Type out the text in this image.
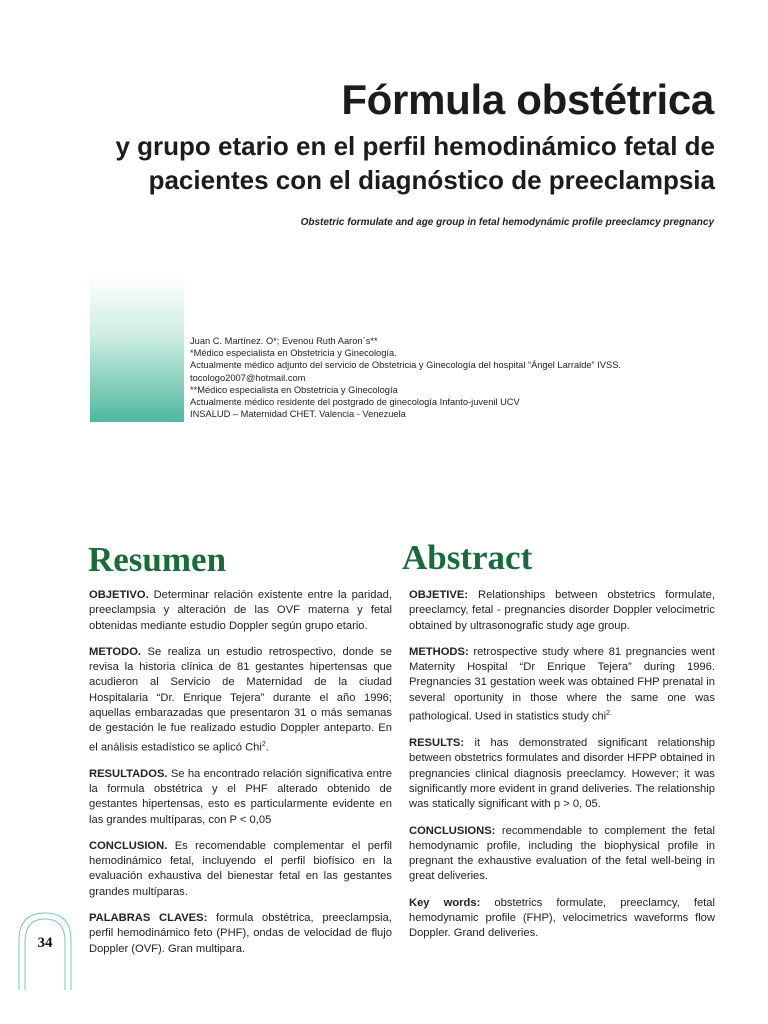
Fórmula obstétrica
y grupo etario en el perfil hemodinámico fetal de
pacientes con el diagnóstico de preeclampsia

Obstetric formulate and age group in fetal hemodynámic profile preeclamcy pregnancy

Juan C. Martínez. O*; Evenou Ruth Aaron`s**
*Médico especialista en Obstetricia y Ginecología.
Actualmente médico adjunto del servicio de Obstetricia y Ginecología del hospital “Ángel Larralde” IVSS.
tocologo2007@hotmail.com
**Médico especialista en Obstetricia y Ginecología
Actualmente médico residente del postgrado de ginecología Infanto-juvenil UCV
INSALUD – Maternidad CHET. Valencia - Venezuela
Resumen	Abstract

OBJETIVO. Determinar relación existente entre la paridad, preeclampsia y alteración de las OVF materna y fetal obtenidas mediante estudio Doppler según grupo etario.

METODO. Se realiza un estudio retrospectivo, donde se revisa la historia clínica de 81 gestantes hipertensas que acudieron al Servicio de Maternidad de la ciudad Hospitalaria “Dr. Enrique Tejera” durante el año 1996; aquellas embarazadas que presentaron 31 o más semanas de gestación le fue realizado estudio Doppler anteparto. En el análisis estadístico se aplicó Chi$^2$.

RESULTADOS. Se ha encontrado relación significativa entre la formula obstétrica y el PHF alterado obtenido de gestantes hipertensas, esto es particularmente evidente en las grandes multíparas, con P < 0,05

CONCLUSION. Es recomendable complementar el perfil hemodinámico fetal, incluyendo el perfil biofísico en la evaluación exhaustiva del bienestar fetal en las gestantes grandes multíparas.

PALABRAS CLAVES: formula obstétrica, preeclampsia, perfil hemodinámico feto (PHF), ondas de velocidad de flujo Doppler (OVF). Gran multipara.

OBJETIVE: Relationships between obstetrics formulate, preeclamcy, fetal - pregnancies disorder Doppler velocimetric obtained by ultrasonografic study age group.

METHODS: retrospective study where 81 pregnancies went Maternity Hospital “Dr Enrique Tejera” during 1996. Pregnancies 31 gestation week was obtained FHP prenatal in several oportunity in those where the same one was pathological. Used in statistics study chi$^{2.}$

RESULTS: it has demonstrated significant relationship between obstetrics formulates and disorder HFPP obtained in pregnancies clinical diagnosis preeclamcy. However; it was significantly more evident in grand deliveries. The relationship was statically significant with p > 0, 05.

CONCLUSIONS: recommendable to complement the fetal hemodynamic profile, including the biophysical profile in pregnant the exhaustive evaluation of the fetal well-being in great deliveries.

Key words: obstetrics formulate, preeclamcy, fetal hemodynamic profile (FHP), velocimetrics waveforms flow Doppler. Grand deliveries.

34
